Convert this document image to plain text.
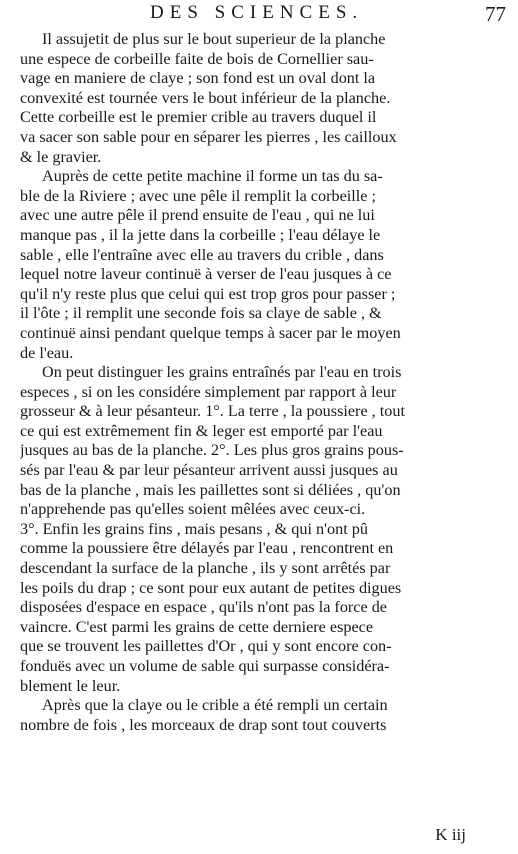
DES SCIENCES.	77
Il assujetit de plus sur le bout superieur de la planche
une espece de corbeille faite de bois de Cornellier sau-
vage en maniere de claye ; son fond est un oval dont la
convexité est tournée vers le bout inférieur de la planche.
Cette corbeille est le premier crible au travers duquel il
va sacer son sable pour en séparer les pierres , les cailloux
& le gravier.
Auprès de cette petite machine il forme un tas du sa-
ble de la Riviere ; avec une pêle il remplit la corbeille ;
avec une autre pêle il prend ensuite de l'eau , qui ne lui
manque pas , il la jette dans la corbeille ; l'eau délaye le
sable , elle l'entraîne avec elle au travers du crible , dans
lequel notre laveur continuë à verser de l'eau jusques à ce
qu'il n'y reste plus que celui qui est trop gros pour passer ;
il l'ôte ; il remplit une seconde fois sa claye de sable , &
continuë ainsi pendant quelque temps à sacer par le moyen
de l'eau.
On peut distinguer les grains entraînés par l'eau en trois
especes , si on les considére simplement par rapport à leur
grosseur & à leur pésanteur. 1°. La terre , la poussiere , tout
ce qui est extrêmement fin & leger est emporté par l'eau
jusques au bas de la planche. 2°. Les plus gros grains pous-
sés par l'eau & par leur pésanteur arrivent aussi jusques au
bas de la planche , mais les paillettes sont si déliées , qu'on
n'apprehende pas qu'elles soient mêlées avec ceux-ci.
3°. Enfin les grains fins , mais pesans , & qui n'ont pû
comme la poussiere être délayés par l'eau , rencontrent en
descendant la surface de la planche , ils y sont arrêtés par
les poils du drap ; ce sont pour eux autant de petites digues
disposées d'espace en espace , qu'ils n'ont pas la force de
vaincre. C'est parmi les grains de cette derniere espece
que se trouvent les paillettes d'Or , qui y sont encore con-
fonduës avec un volume de sable qui surpasse considéra-
blement le leur.
Après que la claye ou le crible a été rempli un certain
nombre de fois , les morceaux de drap sont tout couverts
K iij
